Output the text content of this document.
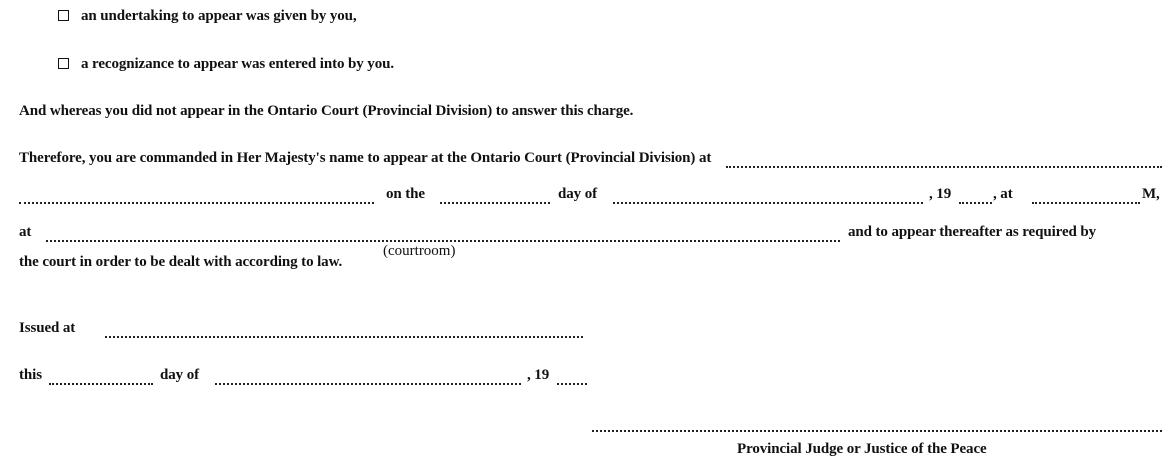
an undertaking to appear was given by you,
a recognizance to appear was entered into by you.
And whereas you did not appear in the Ontario Court (Provincial Division) to answer this charge.
Therefore, you are commanded in Her Majesty's name to appear at the Ontario Court (Provincial Division) at
on the	day of	, 19	, at	M,
at	and to appear thereafter as required by
(courtroom)
the court in order to be dealt with according to law.
Issued at
this	day of	, 19
Provincial Judge or Justice of the Peace
